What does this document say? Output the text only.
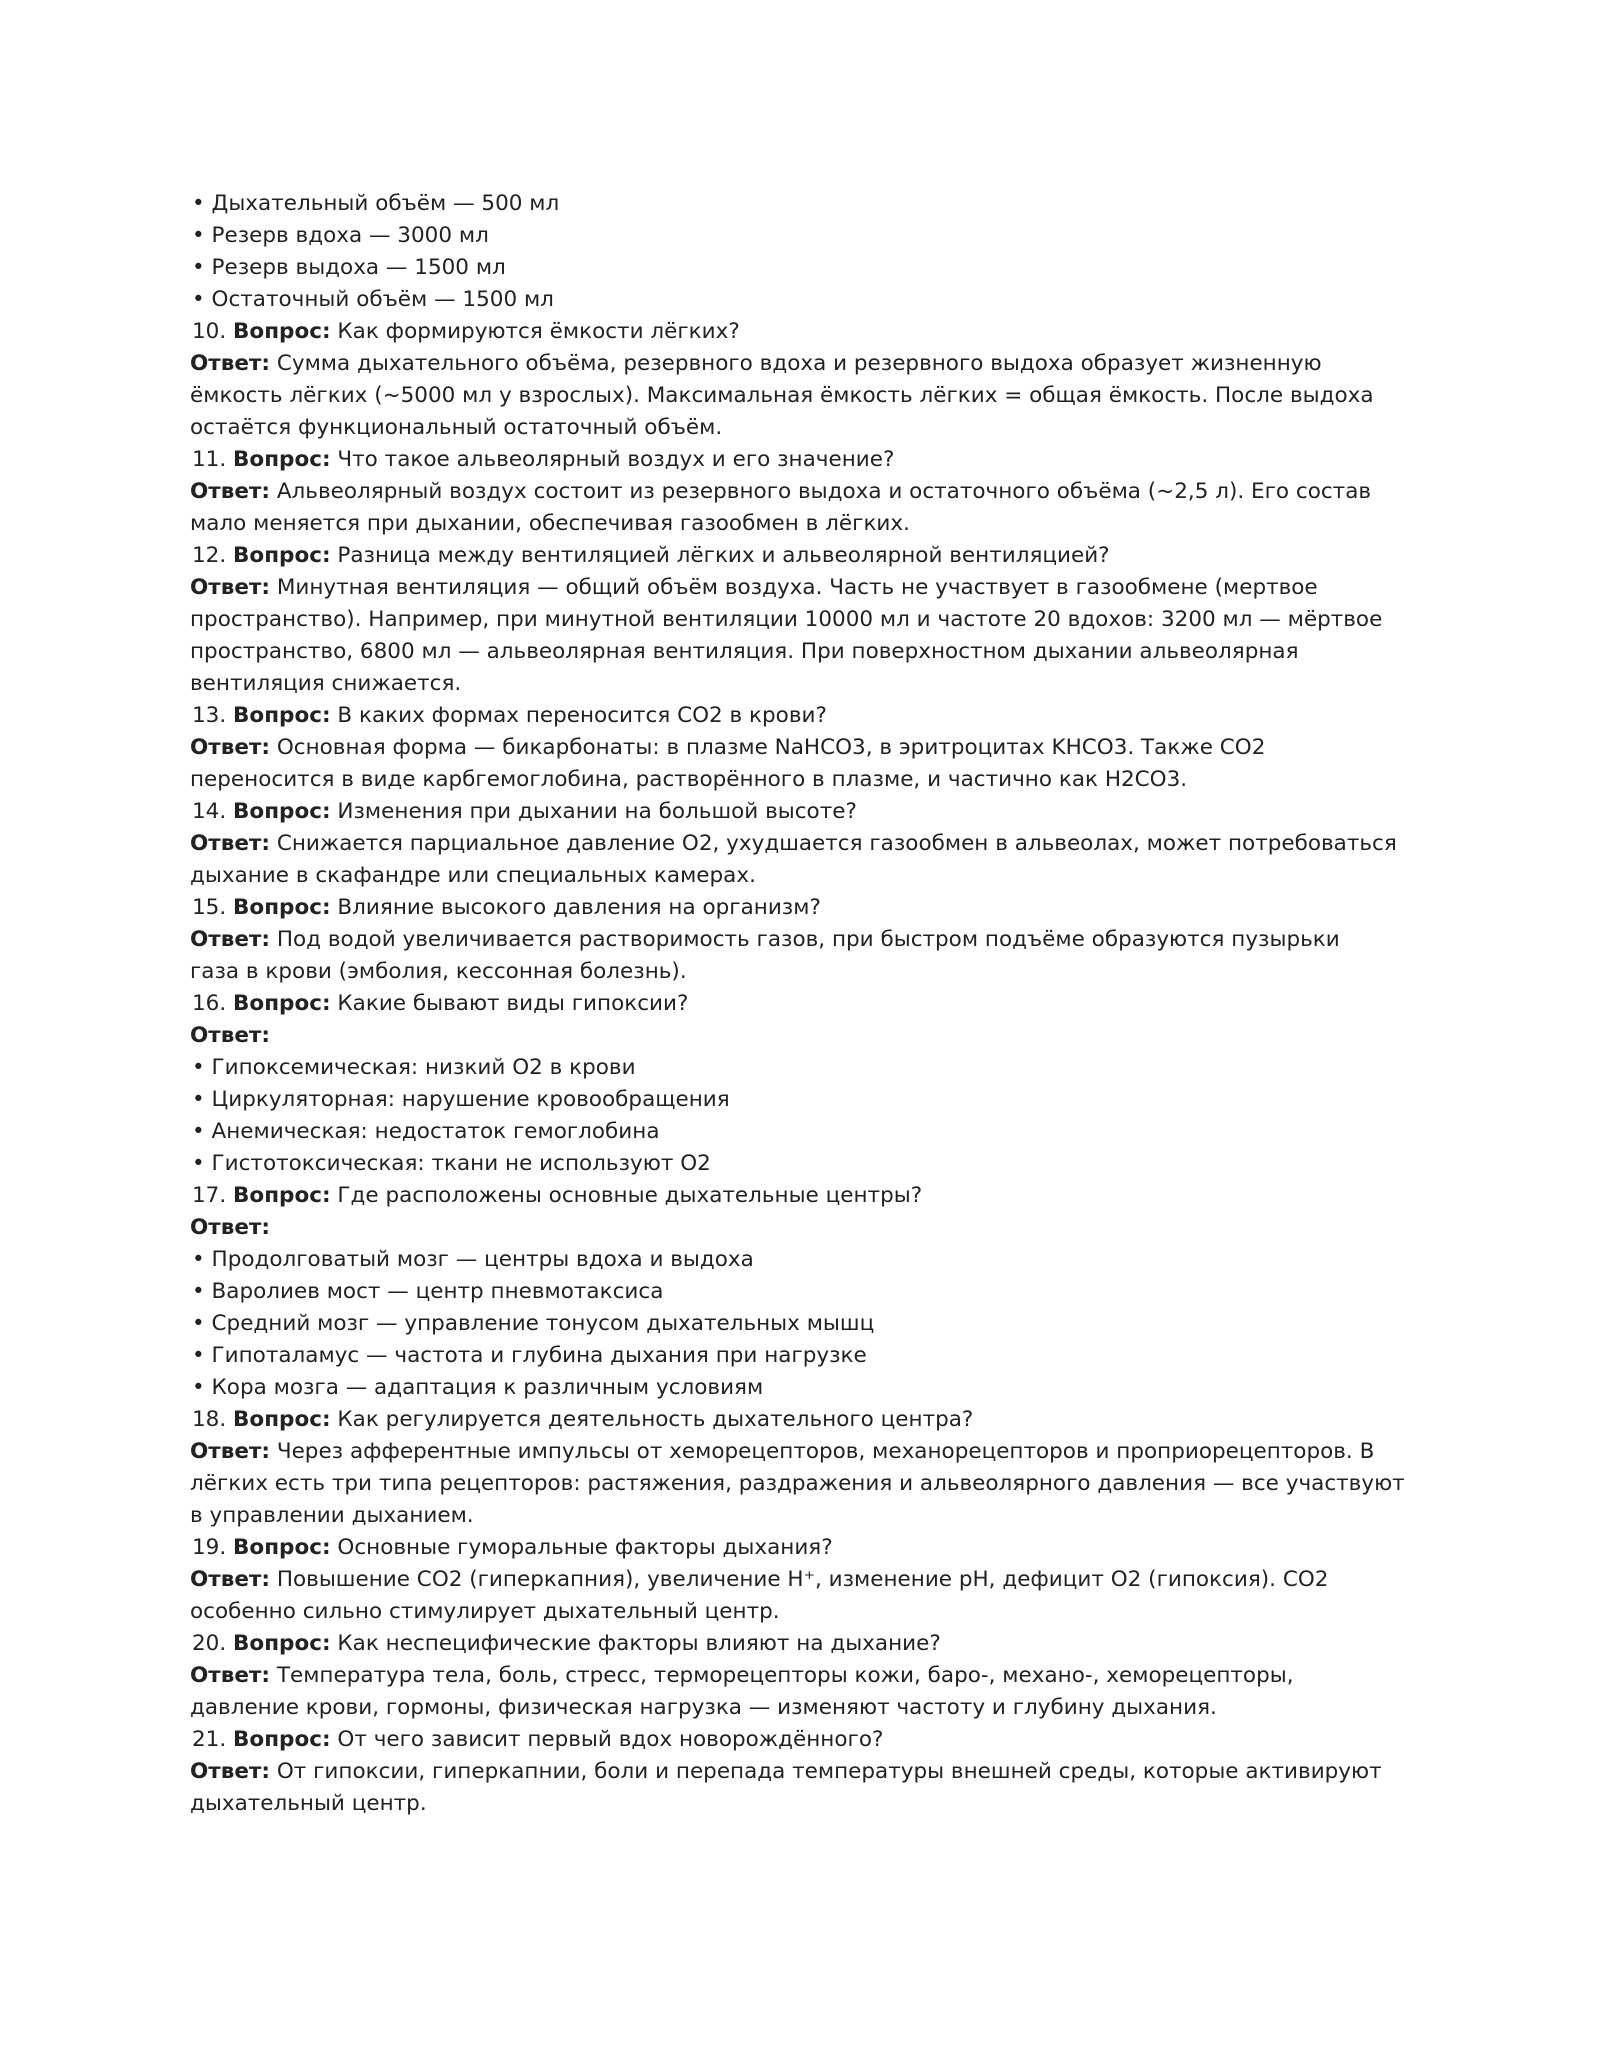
• Дыхательный объём — 500 мл

• Резерв вдоха — 3000 мл

• Резерв выдоха — 1500 мл

• Остаточный объём — 1500 мл

10. Вопрос: Как формируются ёмкости лёгких?

Ответ: Сумма дыхательного объёма, резервного вдоха и резервного выдоха образует жизненную

ёмкость лёгких (~5000 мл у взрослых). Максимальная ёмкость лёгких = общая ёмкость. После выдоха

остаётся функциональный остаточный объём.

11. Вопрос: Что такое альвеолярный воздух и его значение?

Ответ: Альвеолярный воздух состоит из резервного выдоха и остаточного объёма (~2,5 л). Его состав

мало меняется при дыхании, обеспечивая газообмен в лёгких.

12. Вопрос: Разница между вентиляцией лёгких и альвеолярной вентиляцией?

Ответ: Минутная вентиляция — общий объём воздуха. Часть не участвует в газообмене (мертвое

пространство). Например, при минутной вентиляции 10000 мл и частоте 20 вдохов: 3200 мл — мёртвое

пространство, 6800 мл — альвеолярная вентиляция. При поверхностном дыхании альвеолярная

вентиляция снижается.

13. Вопрос: В каких формах переносится CO2 в крови?

Ответ: Основная форма — бикарбонаты: в плазме NaHCO3, в эритроцитах KHCO3. Также CO2

переносится в виде карбгемоглобина, растворённого в плазме, и частично как H2CO3.

14. Вопрос: Изменения при дыхании на большой высоте?

Ответ: Снижается парциальное давление O2, ухудшается газообмен в альвеолах, может потребоваться

дыхание в скафандре или специальных камерах.

15. Вопрос: Влияние высокого давления на организм?

Ответ: Под водой увеличивается растворимость газов, при быстром подъёме образуются пузырьки

газа в крови (эмболия, кессонная болезнь).

16. Вопрос: Какие бывают виды гипоксии?

Ответ:

• Гипоксемическая: низкий O2 в крови

• Циркуляторная: нарушение кровообращения

• Анемическая: недостаток гемоглобина

• Гистотоксическая: ткани не используют O2

17. Вопрос: Где расположены основные дыхательные центры?

Ответ:

• Продолговатый мозг — центры вдоха и выдоха

• Варолиев мост — центр пневмотаксиса

• Средний мозг — управление тонусом дыхательных мышц

• Гипоталамус — частота и глубина дыхания при нагрузке

• Кора мозга — адаптация к различным условиям

18. Вопрос: Как регулируется деятельность дыхательного центра?

Ответ: Через афферентные импульсы от хеморецепторов, механорецепторов и проприорецепторов. В

лёгких есть три типа рецепторов: растяжения, раздражения и альвеолярного давления — все участвуют

в управлении дыханием.

19. Вопрос: Основные гуморальные факторы дыхания?

Ответ: Повышение CO2 (гиперкапния), увеличение H⁺, изменение pH, дефицит O2 (гипоксия). CO2

особенно сильно стимулирует дыхательный центр.

20. Вопрос: Как неспецифические факторы влияют на дыхание?

Ответ: Температура тела, боль, стресс, терморецепторы кожи, баро-, механо-, хеморецепторы,

давление крови, гормоны, физическая нагрузка — изменяют частоту и глубину дыхания.

21. Вопрос: От чего зависит первый вдох новорождённого?

Ответ: От гипоксии, гиперкапнии, боли и перепада температуры внешней среды, которые активируют

дыхательный центр.
